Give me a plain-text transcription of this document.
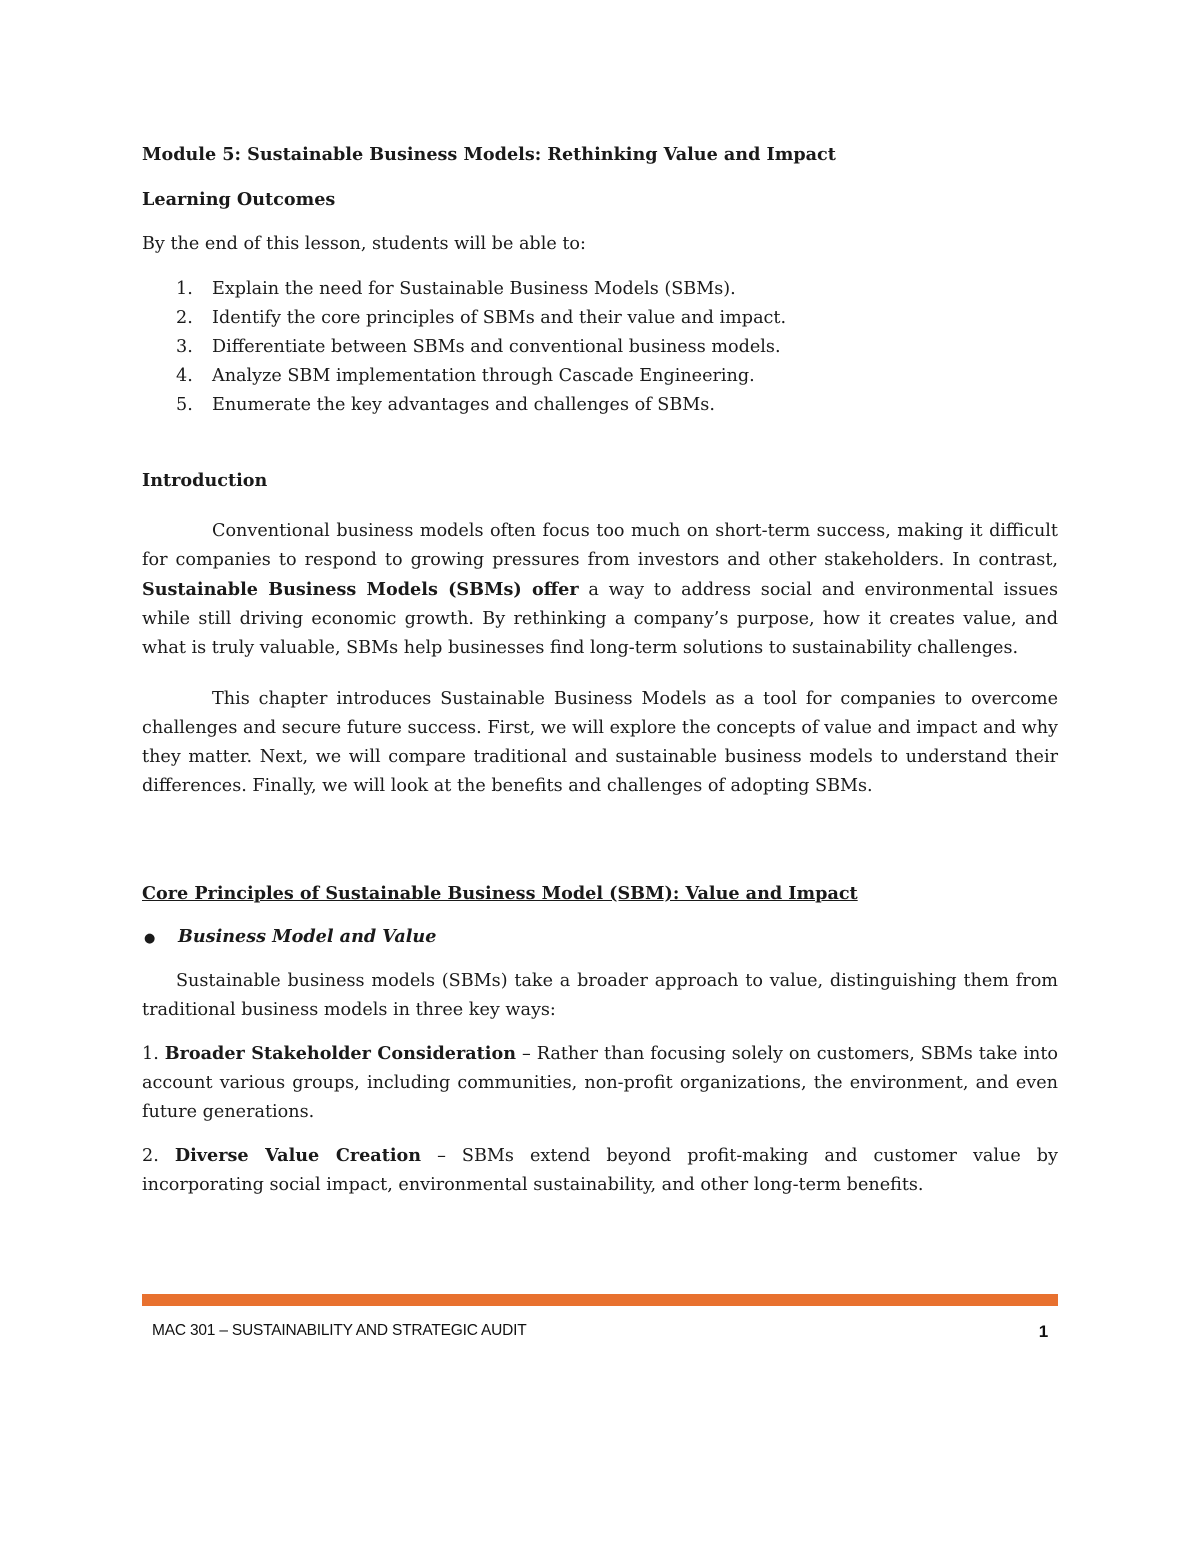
Module 5: Sustainable Business Models: Rethinking Value and Impact

Learning Outcomes

By the end of this lesson, students will be able to:

1.	Explain the need for Sustainable Business Models (SBMs).
2.	Identify the core principles of SBMs and their value and impact.
3.	Differentiate between SBMs and conventional business models.
4.	Analyze SBM implementation through Cascade Engineering.
5.	Enumerate the key advantages and challenges of SBMs.

Introduction

Conventional business models often focus too much on short-term success, making it difficult for companies to respond to growing pressures from investors and other stakeholders. In contrast, Sustainable Business Models (SBMs) offer a way to address social and environmental issues while still driving economic growth. By rethinking a company’s purpose, how it creates value, and what is truly valuable, SBMs help businesses find long-term solutions to sustainability challenges.

This chapter introduces Sustainable Business Models as a tool for companies to overcome challenges and secure future success. First, we will explore the concepts of value and impact and why they matter. Next, we will compare traditional and sustainable business models to understand their differences. Finally, we will look at the benefits and challenges of adopting SBMs.

Core Principles of Sustainable Business Model (SBM): Value and Impact

●	Business Model and Value

Sustainable business models (SBMs) take a broader approach to value, distinguishing them from traditional business models in three key ways:

1. Broader Stakeholder Consideration – Rather than focusing solely on customers, SBMs take into account various groups, including communities, non-profit organizations, the environment, and even future generations.

2. Diverse Value Creation – SBMs extend beyond profit-making and customer value by incorporating social impact, environmental sustainability, and other long-term benefits.

MAC 301 – SUSTAINABILITY AND STRATEGIC AUDIT	1
